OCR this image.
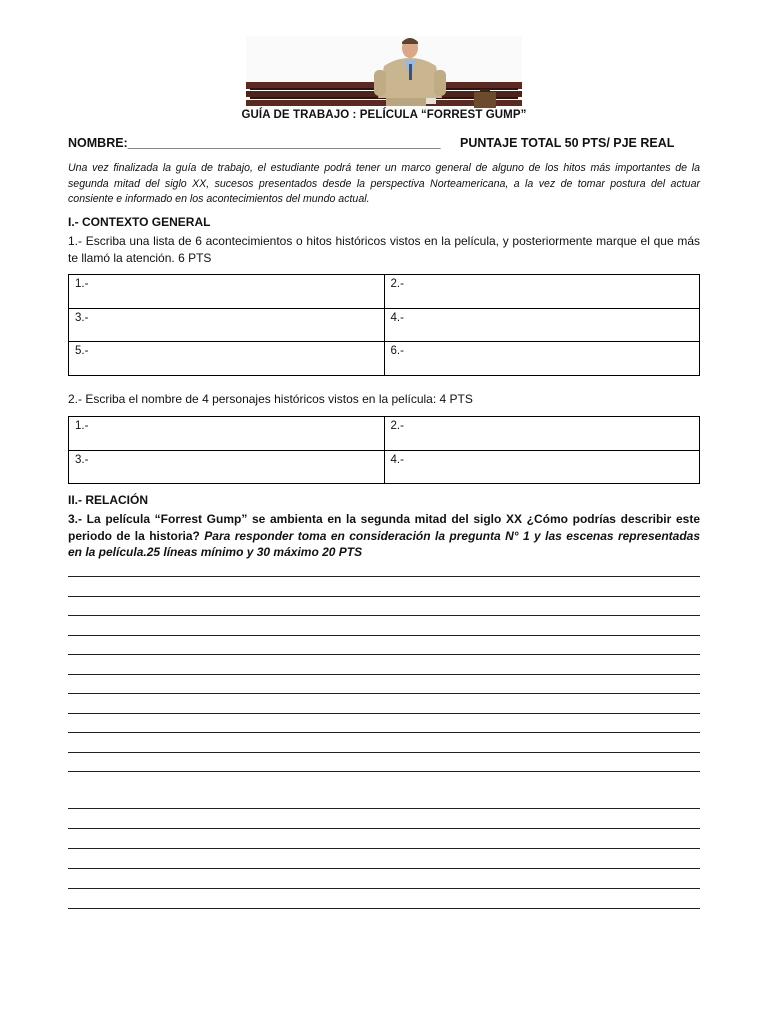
GUÍA DE TRABAJO : PELÍCULA “FORREST GUMP”
NOMBRE:_____________________________________________ PUNTAJE TOTAL 50 PTS/ PJE REAL
Una vez finalizada la guía de trabajo, el estudiante podrá tener un marco general de alguno de los hitos más importantes de la segunda mitad del siglo XX, sucesos presentados desde la perspectiva Norteamericana, a la vez de tomar postura del actuar consiente e informado en los acontecimientos del mundo actual.
I.- CONTEXTO GENERAL
1.- Escriba una lista de 6 acontecimientos o hitos históricos vistos en la película, y posteriormente marque el que más te llamó la atención. 6 PTS
1.-	2.-
3.-	4.-
5.-	6.-
2.- Escriba el nombre de 4 personajes históricos vistos en la película: 4 PTS
1.-	2.-
3.-	4.-
II.- RELACIÓN
3.- La película “Forrest Gump” se ambienta en la segunda mitad del siglo XX ¿Cómo podrías describir este periodo de la historia? Para responder toma en consideración la pregunta N° 1 y las escenas representadas en la película.25 líneas mínimo y 30 máximo 20 PTS
